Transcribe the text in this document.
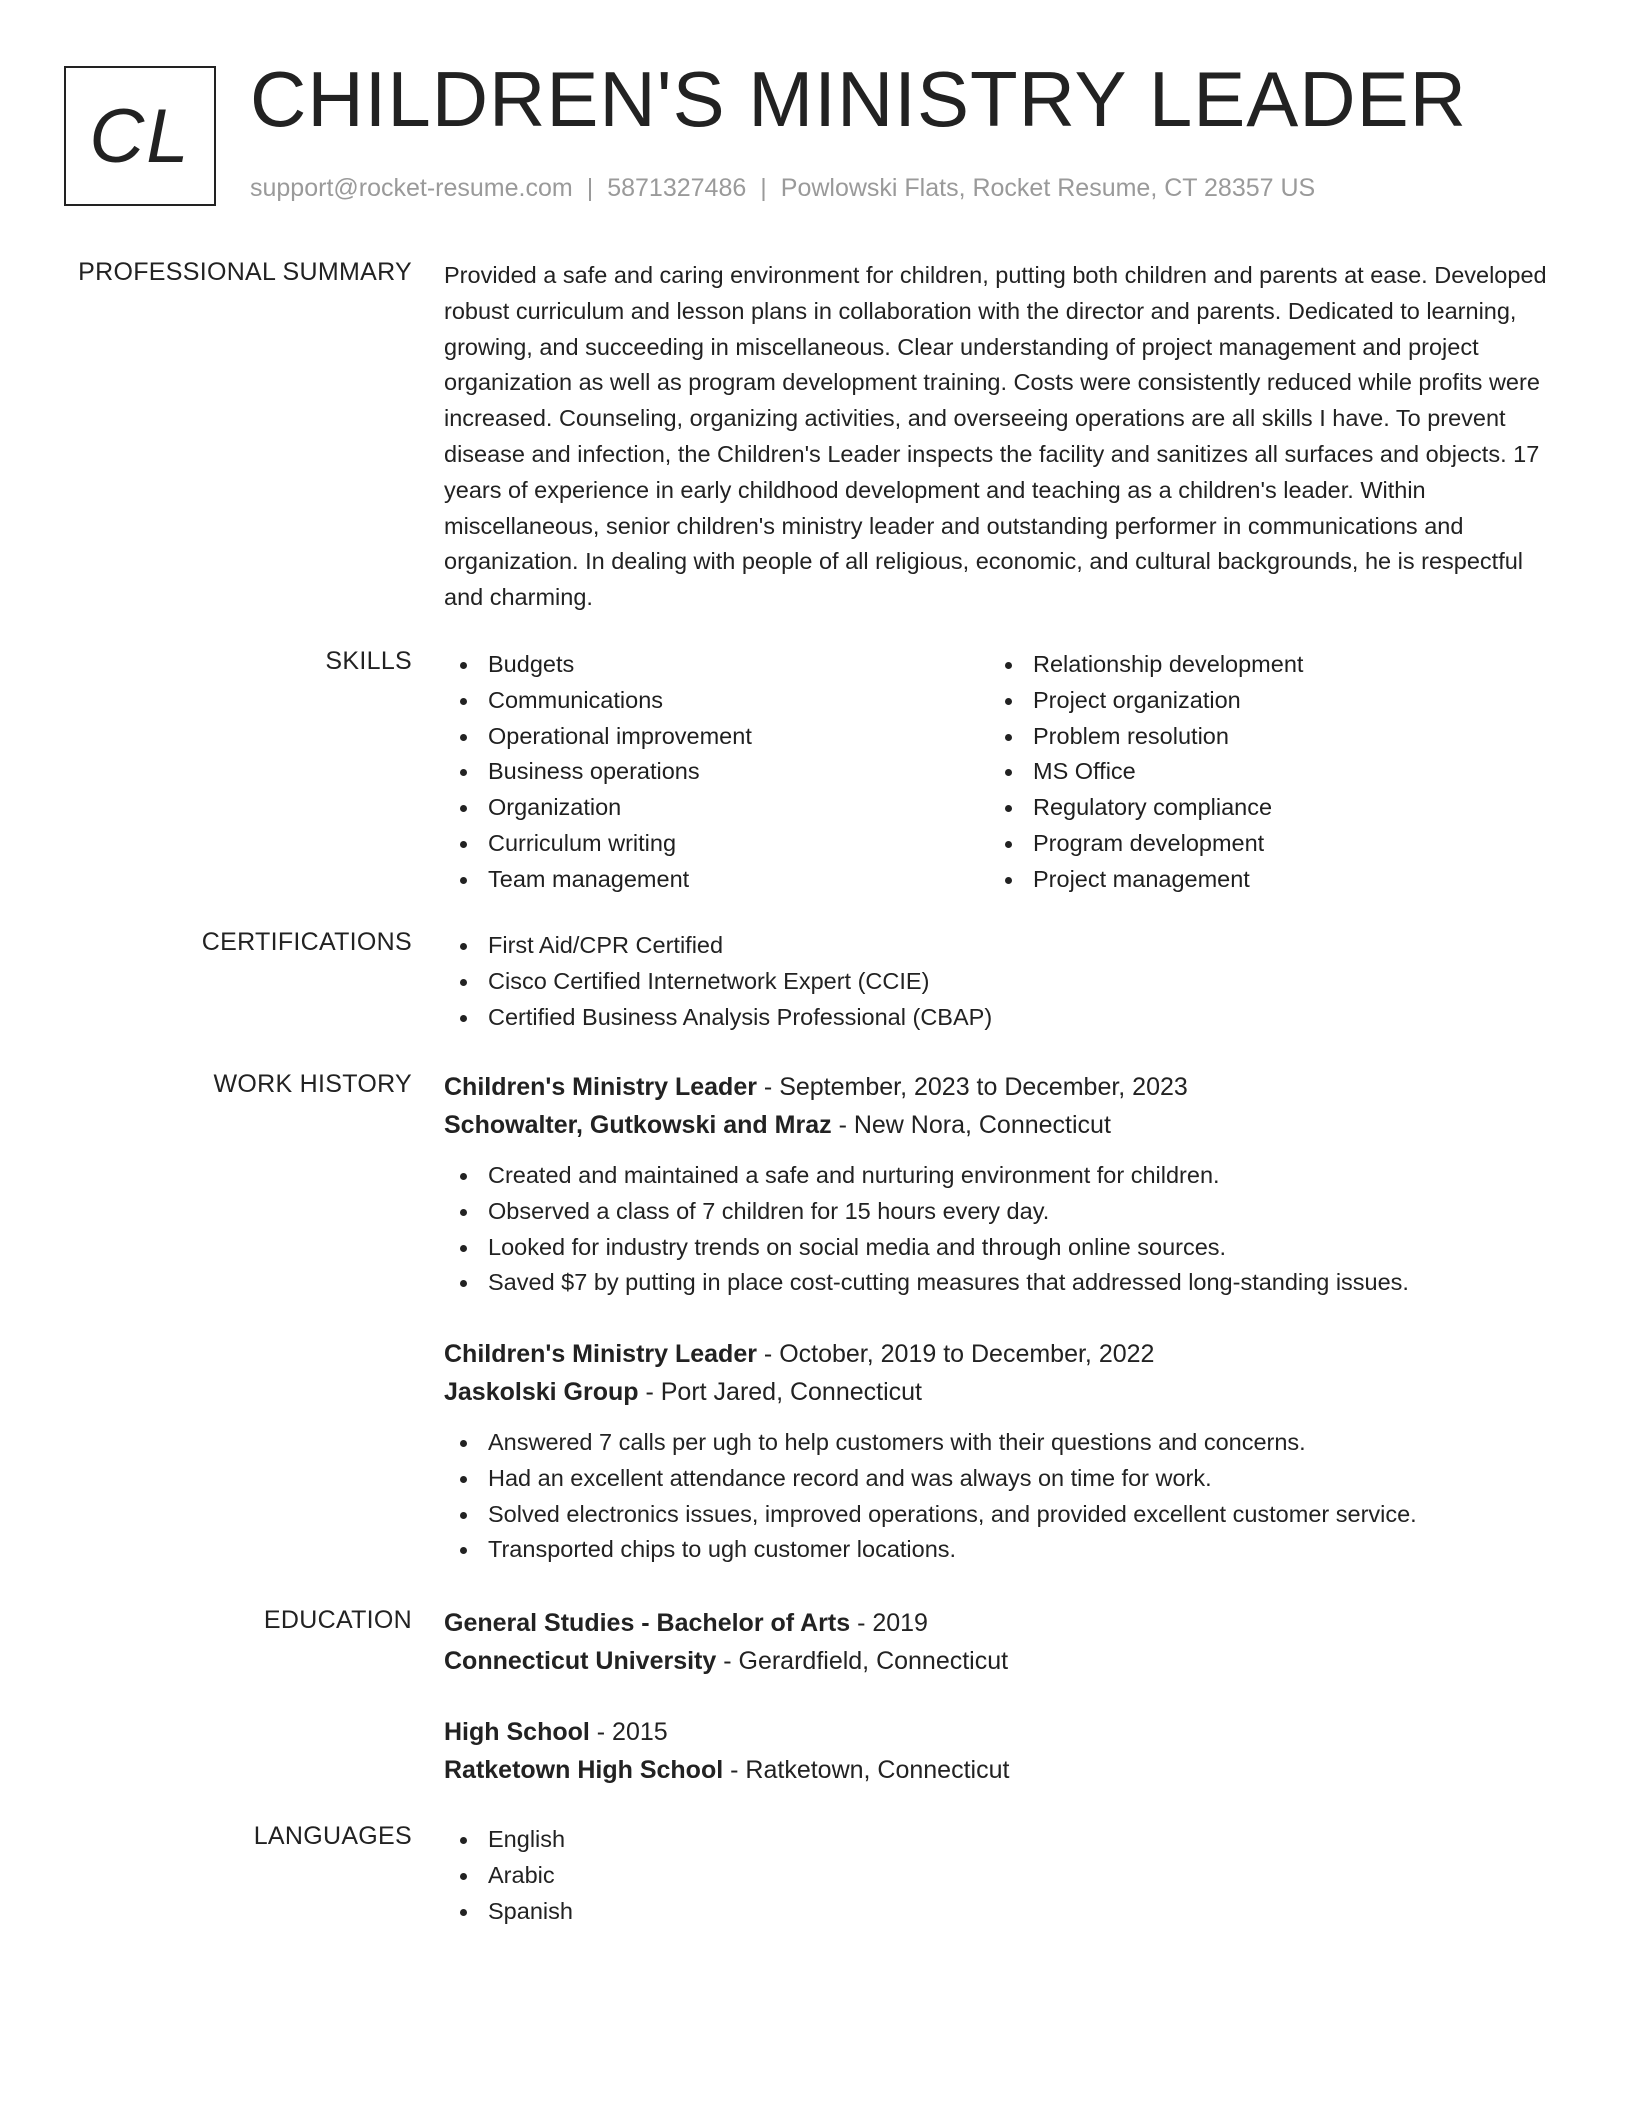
CL CHILDREN'S MINISTRY LEADER
support@rocket-resume.com | 5871327486 | Powlowski Flats, Rocket Resume, CT 28357 US
PROFESSIONAL SUMMARY Provided a safe and caring environment for children, putting both children and parents at ease. Developed robust curriculum and lesson plans in collaboration with the director and parents. Dedicated to learning, growing, and succeeding in miscellaneous. Clear understanding of project management and project organization as well as program development training. Costs were consistently reduced while profits were increased. Counseling, organizing activities, and overseeing operations are all skills I have. To prevent disease and infection, the Children's Leader inspects the facility and sanitizes all surfaces and objects. 17 years of experience in early childhood development and teaching as a children's leader. Within miscellaneous, senior children's ministry leader and outstanding performer in communications and organization. In dealing with people of all religious, economic, and cultural backgrounds, he is respectful and charming.
SKILLS	Budgets
Communications
Operational improvement
Business operations
Organization
Curriculum writing
Team management
Relationship development
Project organization
Problem resolution
MS Office
Regulatory compliance
Program development
Project management
CERTIFICATIONS	First Aid/CPR Certified
Cisco Certified Internetwork Expert (CCIE)
Certified Business Analysis Professional (CBAP)
WORK HISTORY Children's Ministry Leader - September, 2023 to December, 2023
Schowalter, Gutkowski and Mraz - New Nora, Connecticut
Created and maintained a safe and nurturing environment for children.
Observed a class of 7 children for 15 hours every day.
Looked for industry trends on social media and through online sources.
Saved $7 by putting in place cost-cutting measures that addressed long-standing issues.
Children's Ministry Leader - October, 2019 to December, 2022
Jaskolski Group - Port Jared, Connecticut
Answered 7 calls per ugh to help customers with their questions and concerns.
Had an excellent attendance record and was always on time for work.
Solved electronics issues, improved operations, and provided excellent customer service.
Transported chips to ugh customer locations.
EDUCATION General Studies - Bachelor of Arts - 2019
Connecticut University - Gerardfield, Connecticut
High School - 2015
Ratketown High School - Ratketown, Connecticut
LANGUAGES	English
Arabic
Spanish
